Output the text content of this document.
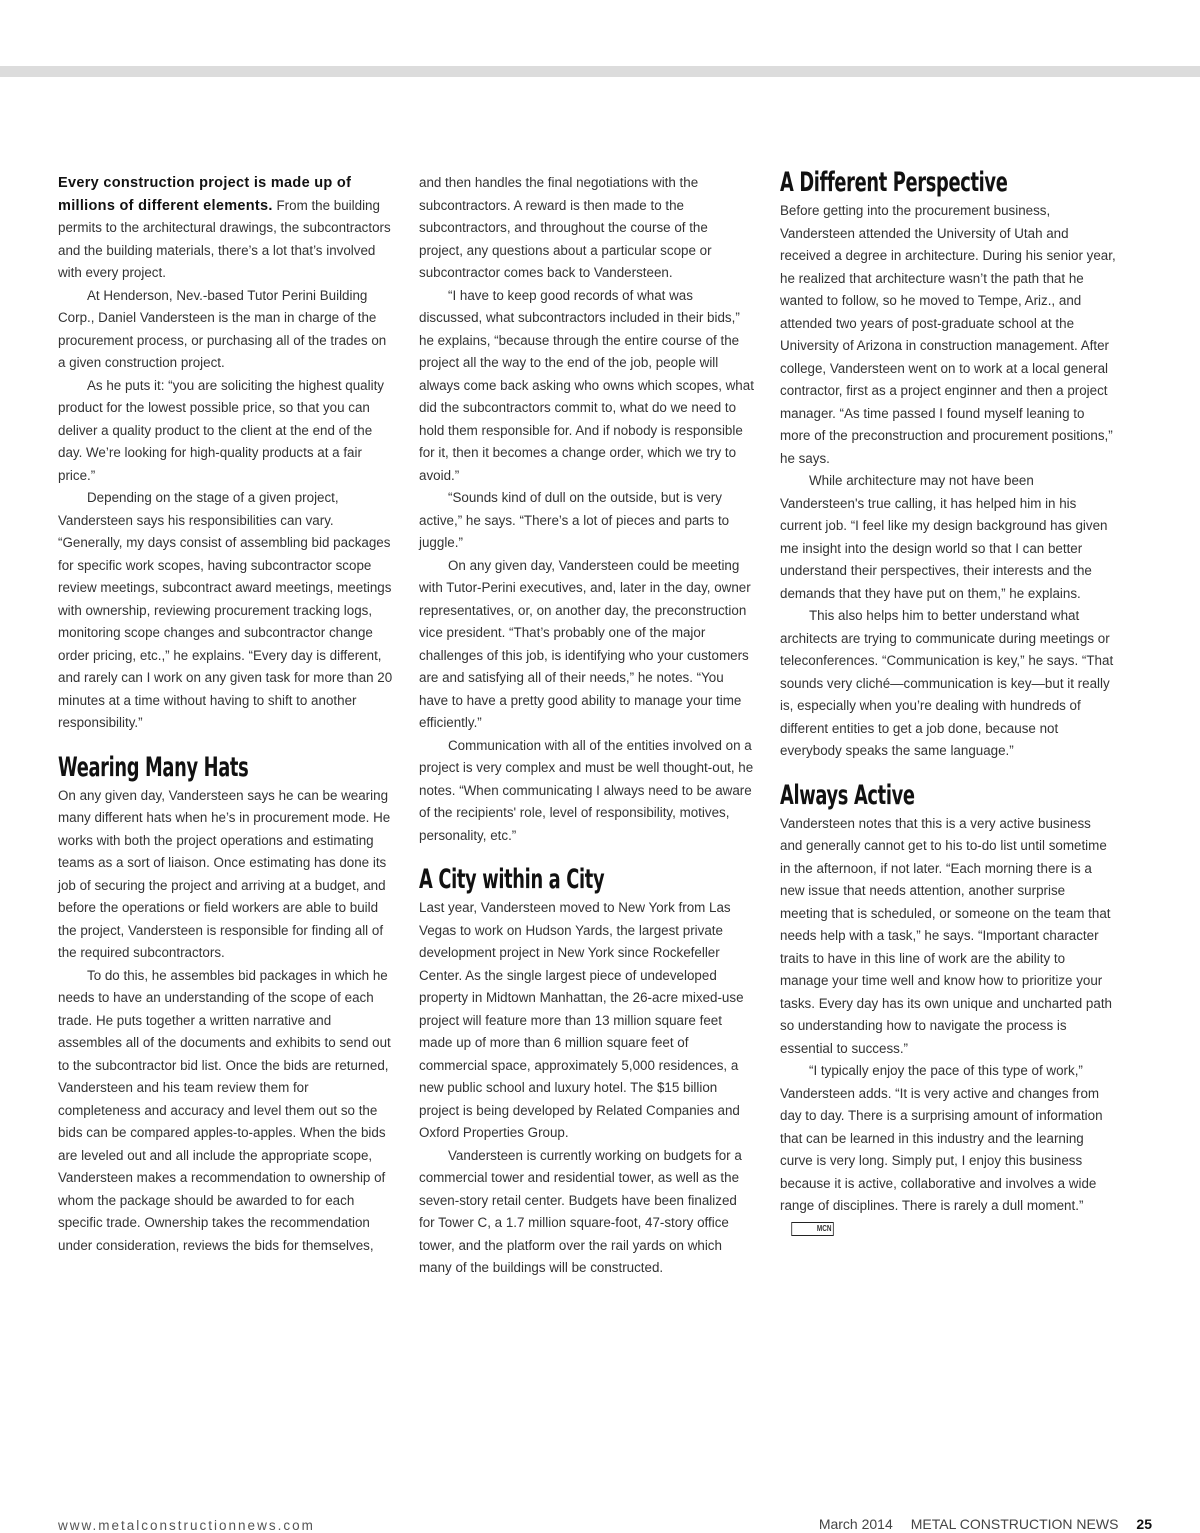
Every construction project is made up of millions of different elements. From the building permits to the architectural drawings, the subcontractors and the building materials, there’s a lot that’s involved with every project.

At Henderson, Nev.-based Tutor Perini Building Corp., Daniel Vandersteen is the man in charge of the procurement process, or purchasing all of the trades on a given construction project.

As he puts it: “you are soliciting the highest quality product for the lowest possible price, so that you can deliver a quality product to the client at the end of the day. We’re looking for high-quality products at a fair price.”

Depending on the stage of a given project, Vandersteen says his responsibilities can vary. “Generally, my days consist of assembling bid packages for specific work scopes, having subcontractor scope review meetings, subcontract award meetings, meetings with ownership, reviewing procurement tracking logs, monitoring scope changes and subcontractor change order pricing, etc.,” he explains. “Every day is different, and rarely can I work on any given task for more than 20 minutes at a time without having to shift to another responsibility.”

Wearing Many Hats

On any given day, Vandersteen says he can be wearing many different hats when he’s in procurement mode. He works with both the project operations and estimating teams as a sort of liaison. Once estimating has done its job of securing the project and arriving at a budget, and before the operations or field workers are able to build the project, Vandersteen is responsible for finding all of the required subcontractors.

To do this, he assembles bid packages in which he needs to have an understanding of the scope of each trade. He puts together a written narrative and assembles all of the documents and exhibits to send out to the subcontractor bid list. Once the bids are returned, Vandersteen and his team review them for completeness and accuracy and level them out so the bids can be compared apples-to-apples. When the bids are leveled out and all include the appropriate scope, Vandersteen makes a recommendation to ownership of whom the package should be awarded to for each specific trade. Ownership takes the recommendation under consideration, reviews the bids for themselves,

and then handles the final negotiations with the subcontractors. A reward is then made to the subcontractors, and throughout the course of the project, any questions about a particular scope or subcontractor comes back to Vandersteen.

“I have to keep good records of what was discussed, what subcontractors included in their bids,” he explains, “because through the entire course of the project all the way to the end of the job, people will always come back asking who owns which scopes, what did the subcontractors commit to, what do we need to hold them responsible for. And if nobody is responsible for it, then it becomes a change order, which we try to avoid.”

“Sounds kind of dull on the outside, but is very active,” he says. “There’s a lot of pieces and parts to juggle.”

On any given day, Vandersteen could be meeting with Tutor-Perini executives, and, later in the day, owner representatives, or, on another day, the preconstruction vice president. “That’s probably one of the major challenges of this job, is identifying who your customers are and satisfying all of their needs,” he notes. “You have to have a pretty good ability to manage your time efficiently.”

Communication with all of the entities involved on a project is very complex and must be well thought-out, he notes. “When communicating I always need to be aware of the recipients' role, level of responsibility, motives, personality, etc.”

A City within a City

Last year, Vandersteen moved to New York from Las Vegas to work on Hudson Yards, the largest private development project in New York since Rockefeller Center. As the single largest piece of undeveloped property in Midtown Manhattan, the 26-acre mixed-use project will feature more than 13 million square feet made up of more than 6 million square feet of commercial space, approximately 5,000 residences, a new public school and luxury hotel. The $15 billion project is being developed by Related Companies and Oxford Properties Group.

Vandersteen is currently working on budgets for a commercial tower and residential tower, as well as the seven-story retail center. Budgets have been finalized for Tower C, a 1.7 million square-foot, 47-story office tower, and the platform over the rail yards on which many of the buildings will be constructed.

A Different Perspective

Before getting into the procurement business, Vandersteen attended the University of Utah and received a degree in architecture. During his senior year, he realized that architecture wasn’t the path that he wanted to follow, so he moved to Tempe, Ariz., and attended two years of post-graduate school at the University of Arizona in construction management. After college, Vandersteen went on to work at a local general contractor, first as a project enginner and then a project manager. “As time passed I found myself leaning to more of the preconstruction and procurement positions,” he says.

While architecture may not have been Vandersteen's true calling, it has helped him in his current job. “I feel like my design background has given me insight into the design world so that I can better understand their perspectives, their interests and the demands that they have put on them,” he explains.

This also helps him to better understand what architects are trying to communicate during meetings or teleconferences. “Communication is key,” he says. “That sounds very cliché—communication is key—but it really is, especially when you’re dealing with hundreds of different entities to get a job done, because not everybody speaks the same language.”

Always Active

Vandersteen notes that this is a very active business and generally cannot get to his to-do list until sometime in the afternoon, if not later. “Each morning there is a new issue that needs attention, another surprise meeting that is scheduled, or someone on the team that needs help with a task,” he says. “Important character traits to have in this line of work are the ability to manage your time well and know how to prioritize your tasks. Every day has its own unique and uncharted path so understanding how to navigate the process is essential to success.”

“I typically enjoy the pace of this type of work,” Vandersteen adds. “It is very active and changes from day to day. There is a surprising amount of information that can be learned in this industry and the learning curve is very long. Simply put, I enjoy this business because it is active, collaborative and involves a wide range of disciplines. There is rarely a dull moment.”MCN

www.metalconstructionnews.com	March 2014 METAL CONSTRUCTION NEWS 25
